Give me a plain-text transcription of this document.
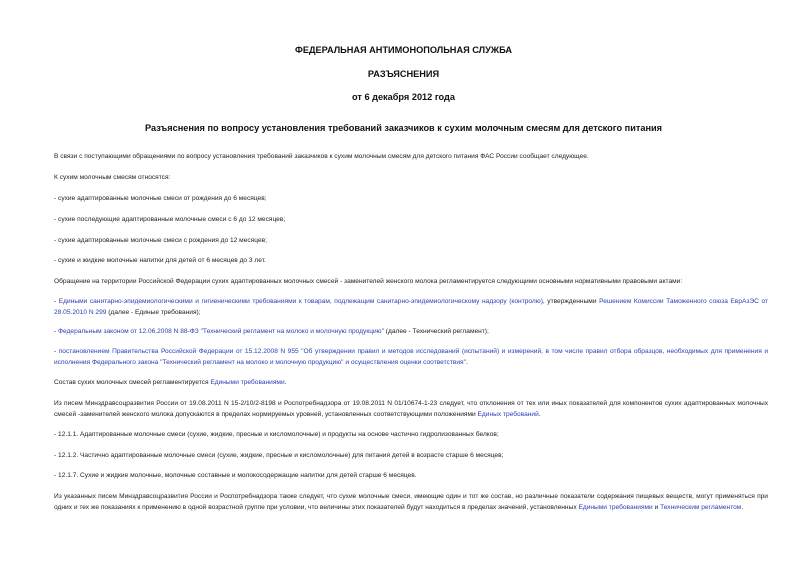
ФЕДЕРАЛЬНАЯ АНТИМОНОПОЛЬНАЯ СЛУЖБА
РАЗЪЯСНЕНИЯ
от 6 декабря 2012 года
Разъяснения по вопросу установления требований заказчиков к сухим молочным смесям для детского питания
В связи с поступающими обращениями по вопросу установления требований заказчиков к сухим молочным смесям для детского питания ФАС России сообщает следующее.
К сухим молочным смесям относятся:
- сухие адаптированные молочные смеси от рождения до 6 месяцев;
- сухие последующие адаптированные молочные смеси с 6 до 12 месяцев;
- сухие адаптированные молочные смеси с рождения до 12 месяцев;
- сухие и жидкие молочные напитки для детей от 6 месяцев до 3 лет.
Обращение на территории Российской Федерации сухих адаптированных молочных смесей - заменителей женского молока регламентируется следующими основными нормативными правовыми актами:
- Едиными санитарно-эпидемиологическими и гигиеническими требованиями к товарам, подлежащим санитарно-эпидемиологическому надзору (контролю), утвержденными Решением Комиссии Таможенного союза ЕврАзЭС от 28.05.2010 N 299 (далее - Единые требования);
- Федеральным законом от 12.06.2008 N 88-ФЗ "Технический регламент на молоко и молочную продукцию" (далее - Технический регламент);
- постановлением Правительства Российской Федерации от 15.12.2008 N 955 "Об утверждении правил и методов исследований (испытаний) и измерений, в том числе правил отбора образцов, необходимых для применения и исполнения Федерального закона "Технический регламент на молоко и молочную продукцию" и осуществления оценки соответствия".
Состав сухих молочных смесей регламентируется Едиными требованиями.
Из писем Минздравсоцразвития России от 19.08.2011 N 15-2/10/2-8198 и Роспотребнадзора от 19.08.2011 N 01/10674-1-23 следует, что отклонения от тех или иных показателей для компонентов сухих адаптированных молочных смесей -заменителей женского молока допускаются в пределах нормируемых уровней, установленных соответствующими положениями Единых требований.
- 12.1.1. Адаптированные молочные смеси (сухие, жидкие, пресные и кисломолочные) и продукты на основе частично гидролизованных белков;
- 12.1.2. Частично адаптированные молочные смеси (сухие, жидкие, пресные и кисломолочные) для питания детей в возрасте старше 6 месяцев;
- 12.1.7. Сухие и жидкие молочные, молочные составные и молокосодержащие напитки для детей старше 6 месяцев.
Из указанных писем Минздравсоцразвития России и Роспотребнадзора также следует, что сухие молочные смеси, имеющие один и тот же состав, но различные показатели содержания пищевых веществ, могут применяться при одних и тех же показаниях к применению в одной возрастной группе при условии, что величины этих показателей будут находиться в пределах значений, установленных Едиными требованиями и Техническим регламентом.
